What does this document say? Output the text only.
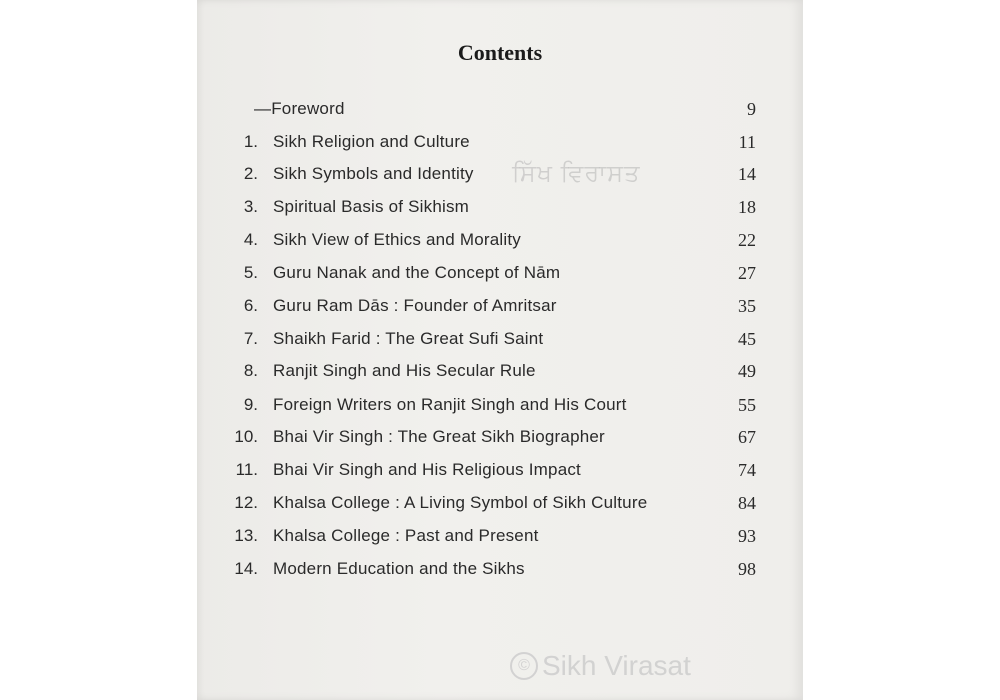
Contents
ਸਿੱਖ ਵਿਰਾਸਤ
—Foreword	9
1. Sikh Religion and Culture	11
2. Sikh Symbols and Identity	14
3. Spiritual Basis of Sikhism	18
4. Sikh View of Ethics and Morality	22
5. Guru Nanak and the Concept of Nām	27
6. Guru Ram Dās : Founder of Amritsar	35
7. Shaikh Farid : The Great Sufi Saint	45
8. Ranjit Singh and His Secular Rule	49
9. Foreign Writers on Ranjit Singh and His Court	55
10. Bhai Vir Singh : The Great Sikh Biographer	67
11. Bhai Vir Singh and His Religious Impact	74
12. Khalsa College : A Living Symbol of Sikh Culture	84
13. Khalsa College : Past and Present	93
14. Modern Education and the Sikhs	98
© Sikh Virasat
